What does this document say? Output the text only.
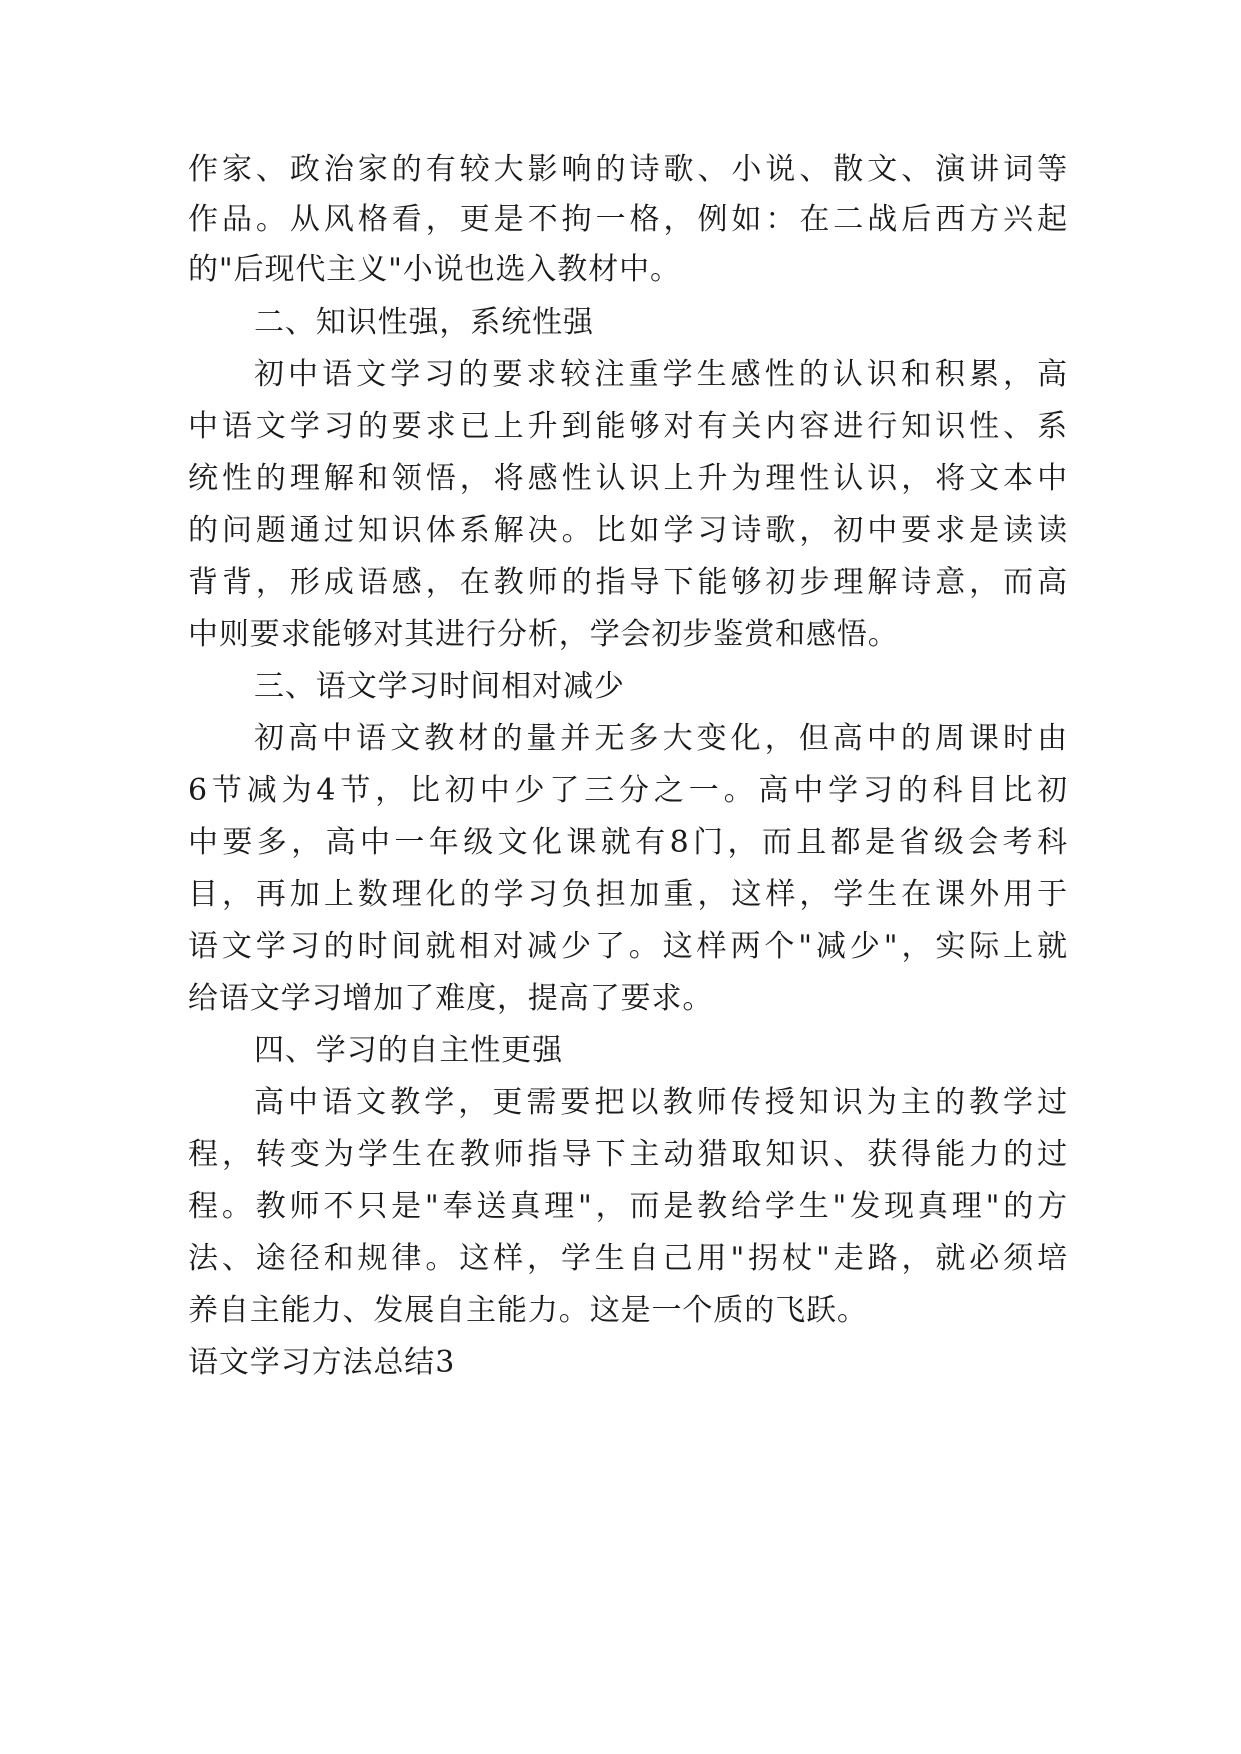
作家、政治家的有较大影响的诗歌、小说、散文、演讲词等
作品。从风格看，更是不拘一格，例如：在二战后西方兴起
的"后现代主义"小说也选入教材中。
二、知识性强，系统性强
初中语文学习的要求较注重学生感性的认识和积累，高
中语文学习的要求已上升到能够对有关内容进行知识性、系
统性的理解和领悟，将感性认识上升为理性认识，将文本中
的问题通过知识体系解决。比如学习诗歌，初中要求是读读
背背，形成语感，在教师的指导下能够初步理解诗意，而高
中则要求能够对其进行分析，学会初步鉴赏和感悟。
三、语文学习时间相对减少
初高中语文教材的量并无多大变化，但高中的周课时由
6节减为4节，比初中少了三分之一。高中学习的科目比初
中要多，高中一年级文化课就有8门，而且都是省级会考科
目，再加上数理化的学习负担加重，这样，学生在课外用于
语文学习的时间就相对减少了。这样两个"减少"，实际上就
给语文学习增加了难度，提高了要求。
四、学习的自主性更强
高中语文教学，更需要把以教师传授知识为主的教学过
程，转变为学生在教师指导下主动猎取知识、获得能力的过
程。教师不只是"奉送真理"，而是教给学生"发现真理"的方
法、途径和规律。这样，学生自己用"拐杖"走路，就必须培
养自主能力、发展自主能力。这是一个质的飞跃。
语文学习方法总结3
